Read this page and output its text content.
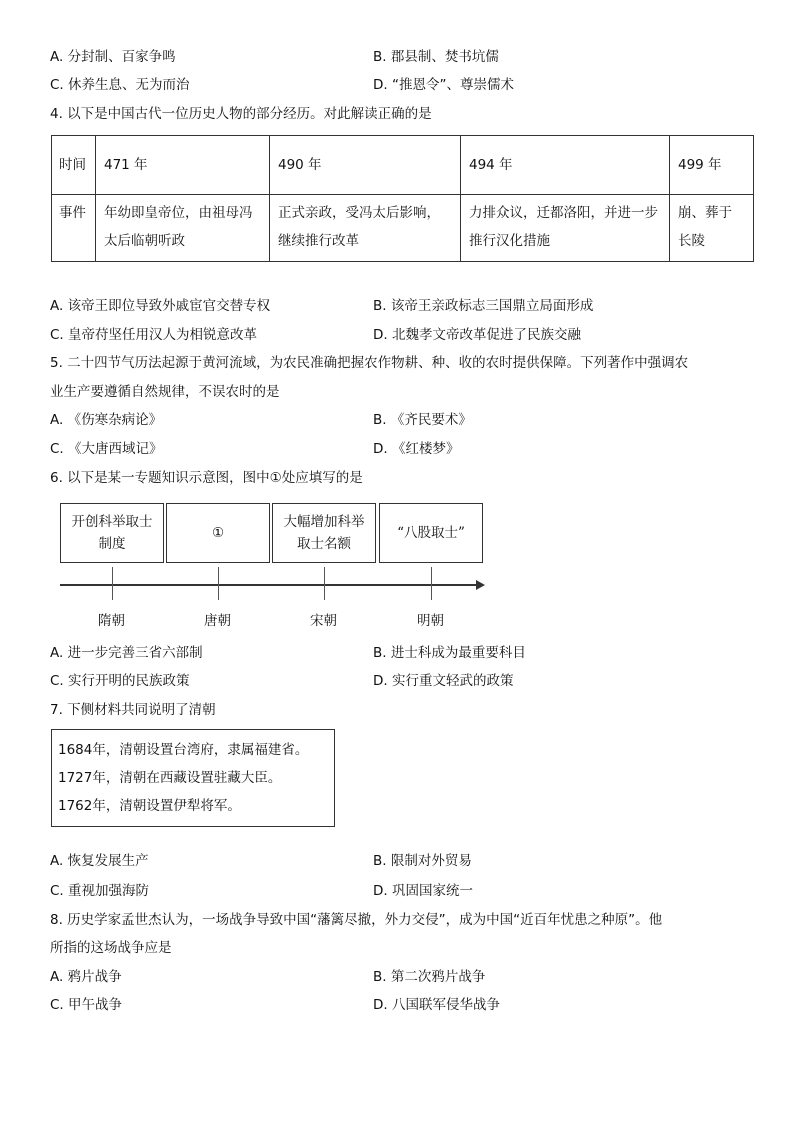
A. 分封制、百家争鸣	B. 郡县制、焚书坑儒
C. 休养生息、无为而治	D. “推恩令”、尊崇儒术
4. 以下是中国古代一位历史人物的部分经历。对此解读正确的是
时间	471 年	490 年	494 年	499 年
事件	年幼即皇帝位，由祖母冯太后临朝听政	正式亲政，受冯太后影响，继续推行改革	力排众议，迁都洛阳，并进一步推行汉化措施	崩、葬于长陵
A. 该帝王即位导致外戚宦官交替专权	B. 该帝王亲政标志三国鼎立局面形成
C. 皇帝苻坚任用汉人为相锐意改革	D. 北魏孝文帝改革促进了民族交融
5. 二十四节气历法起源于黄河流域，为农民准确把握农作物耕、种、收的农时提供保障。下列著作中强调农
业生产要遵循自然规律，不误农时的是
A. 《伤寒杂病论》	B. 《齐民要术》
C. 《大唐西域记》	D. 《红楼梦》
6. 以下是某一专题知识示意图，图中①处应填写的是
开创科举取士
制度
①
大幅增加科举
取士名额
“八股取士”
隋朝	唐朝	宋朝	明朝
A. 进一步完善三省六部制	B. 进士科成为最重要科目
C. 实行开明的民族政策	D. 实行重文轻武的政策
7. 下侧材料共同说明了清朝
1684年，清朝设置台湾府，隶属福建省。
1727年，清朝在西藏设置驻藏大臣。
1762年，清朝设置伊犁将军。
A. 恢复发展生产	B. 限制对外贸易
C. 重视加强海防	D. 巩固国家统一
8. 历史学家孟世杰认为，一场战争导致中国“藩篱尽撤，外力交侵”，成为中国“近百年忧患之种原”。他
所指的这场战争应是
A. 鸦片战争	B. 第二次鸦片战争
C. 甲午战争	D. 八国联军侵华战争
